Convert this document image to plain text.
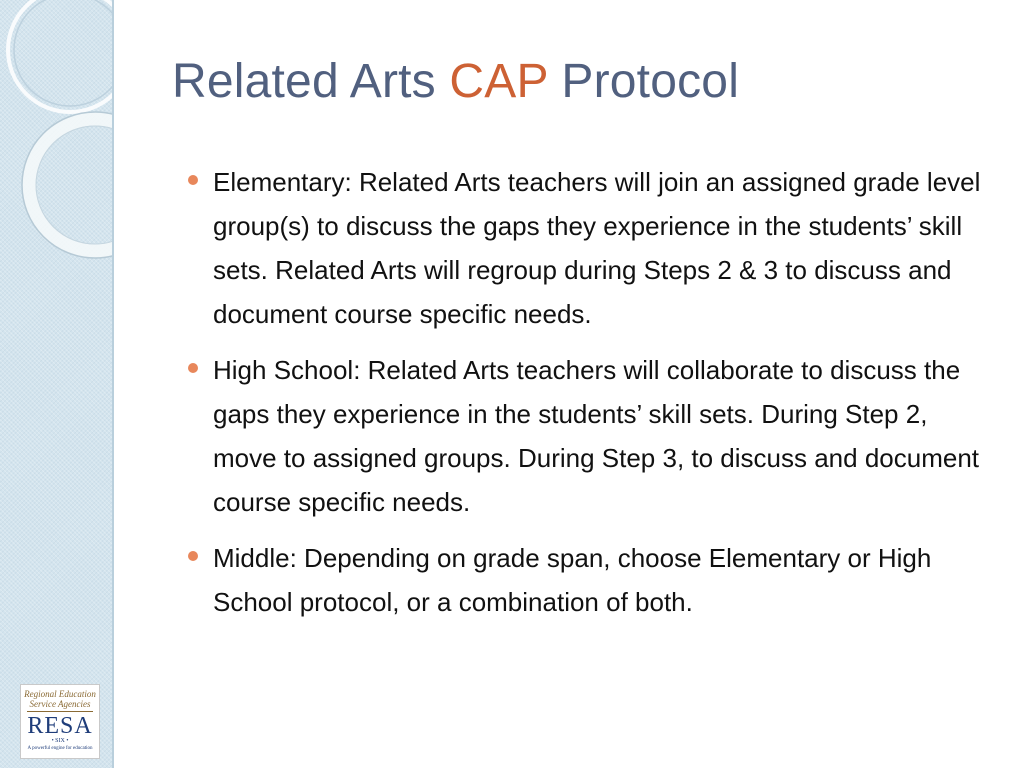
Regional Education
Service Agencies
RESA
• SIX •
A powerful engine for education
Related Arts CAP Protocol
Elementary: Related Arts teachers will join an assigned grade level group(s) to discuss the gaps they experience in the students’ skill sets. Related Arts will regroup during Steps 2 & 3 to discuss and document course specific needs.
High School: Related Arts teachers will collaborate to discuss the gaps they experience in the students’ skill sets. During Step 2, move to assigned groups. During Step 3, to discuss and document course specific needs.
Middle: Depending on grade span, choose Elementary or High School protocol, or a combination of both.
